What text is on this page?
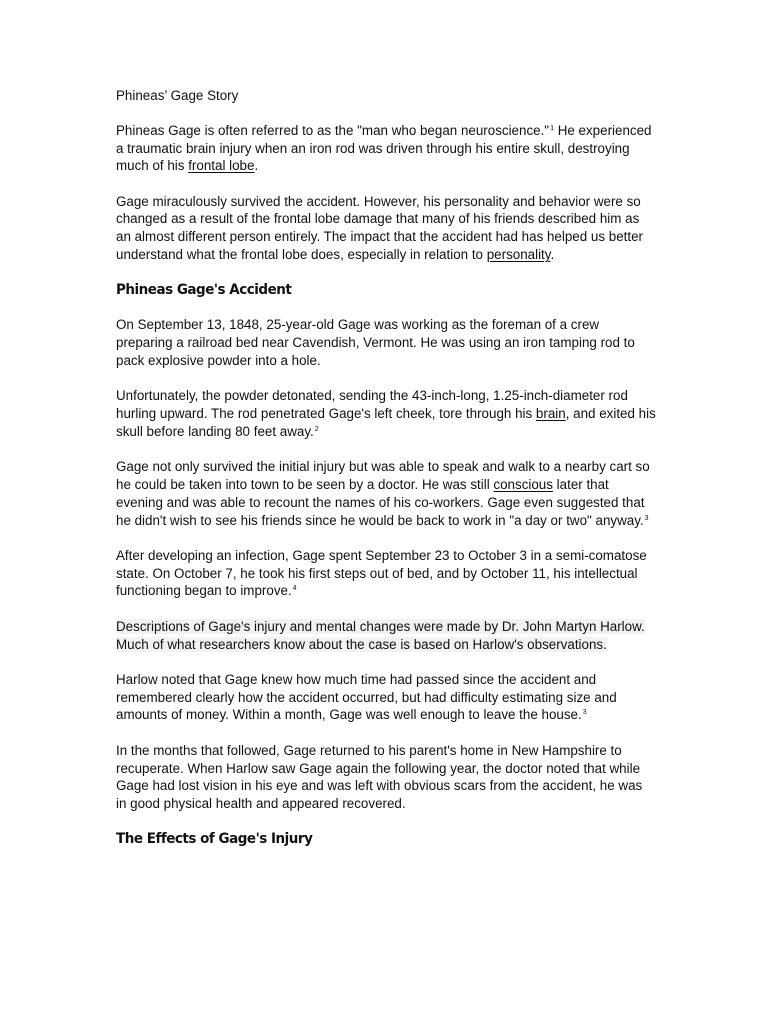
Phineas’ Gage Story

Phineas Gage is often referred to as the "man who began neuroscience."$^1$ He experienced a traumatic brain injury when an iron rod was driven through his entire skull, destroying much of his frontal lobe.

Gage miraculously survived the accident. However, his personality and behavior were so changed as a result of the frontal lobe damage that many of his friends described him as an almost different person entirely. The impact that the accident had has helped us better understand what the frontal lobe does, especially in relation to personality.

Phineas Gage's Accident

On September 13, 1848, 25-year-old Gage was working as the foreman of a crew preparing a railroad bed near Cavendish, Vermont. He was using an iron tamping rod to pack explosive powder into a hole.

Unfortunately, the powder detonated, sending the 43-inch-long, 1.25-inch-diameter rod hurling upward. The rod penetrated Gage's left cheek, tore through his brain, and exited his skull before landing 80 feet away.$^2$

Gage not only survived the initial injury but was able to speak and walk to a nearby cart so he could be taken into town to be seen by a doctor. He was still conscious later that evening and was able to recount the names of his co-workers. Gage even suggested that he didn't wish to see his friends since he would be back to work in "a day or two" anyway.$^3$

After developing an infection, Gage spent September 23 to October 3 in a semi-comatose state. On October 7, he took his first steps out of bed, and by October 11, his intellectual functioning began to improve.$^4$

Descriptions of Gage's injury and mental changes were made by Dr. John Martyn Harlow. Much of what researchers know about the case is based on Harlow's observations.

Harlow noted that Gage knew how much time had passed since the accident and remembered clearly how the accident occurred, but had difficulty estimating size and amounts of money. Within a month, Gage was well enough to leave the house.$^3$

In the months that followed, Gage returned to his parent's home in New Hampshire to recuperate. When Harlow saw Gage again the following year, the doctor noted that while Gage had lost vision in his eye and was left with obvious scars from the accident, he was in good physical health and appeared recovered.

The Effects of Gage's Injury
